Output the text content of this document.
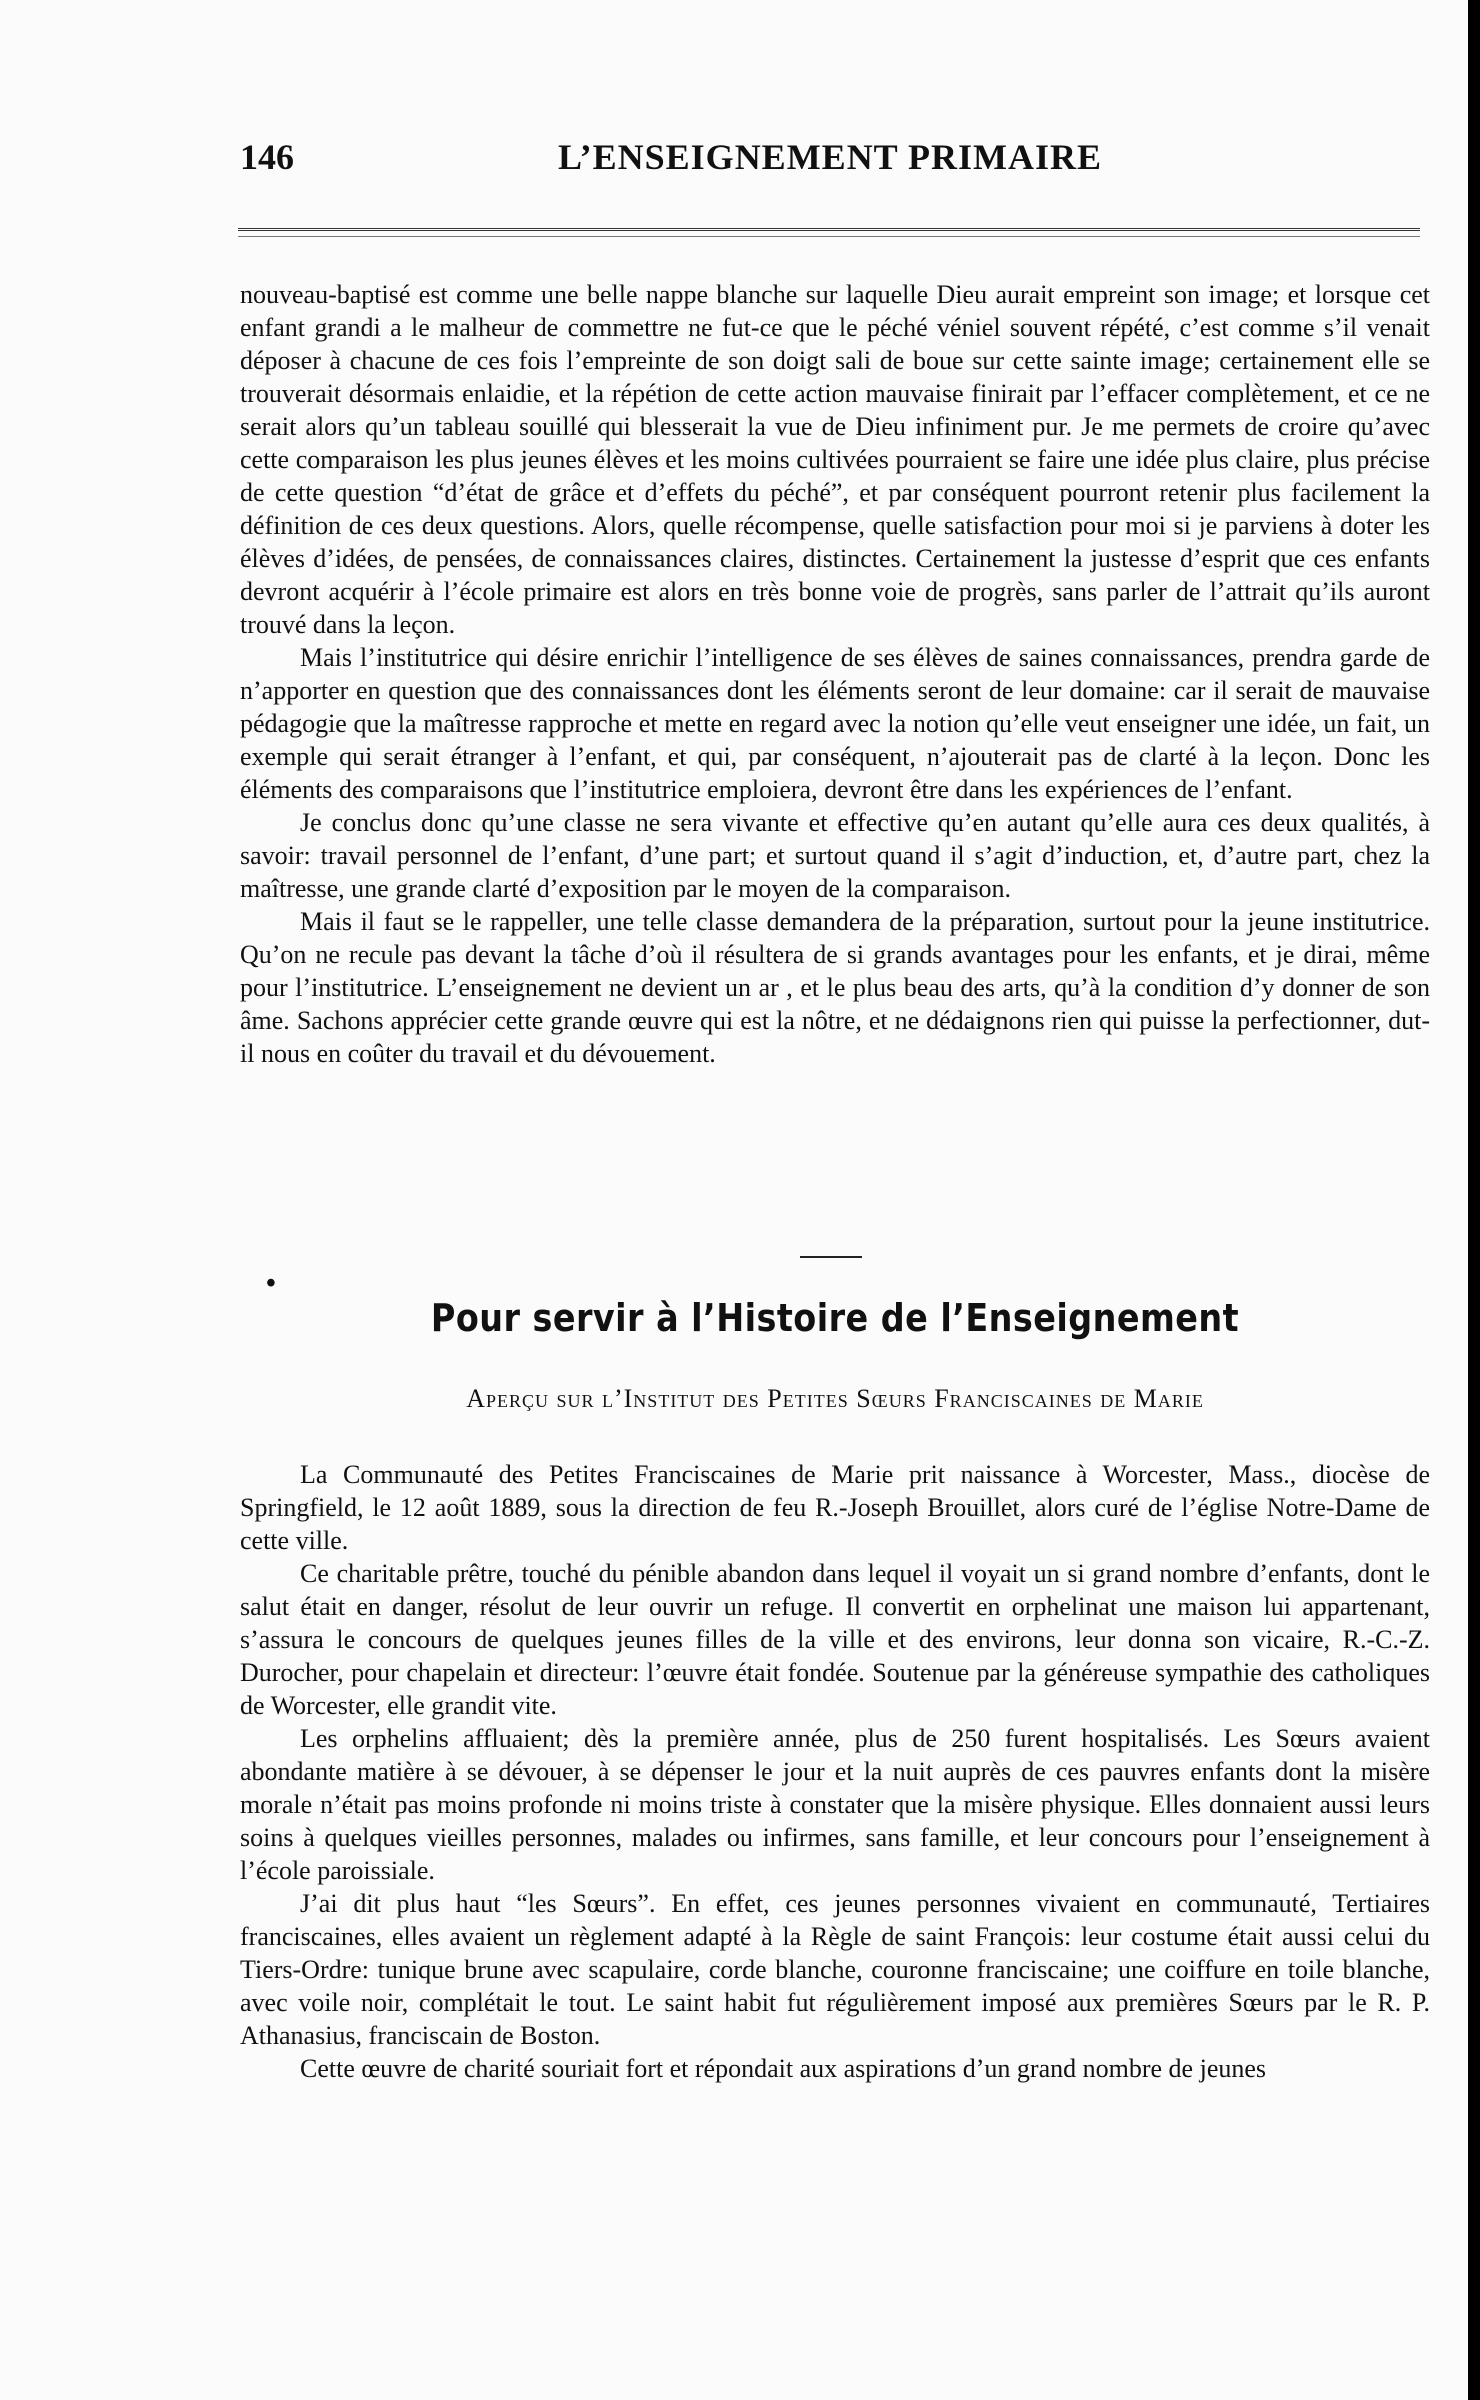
146	L’ENSEIGNEMENT PRIMAIRE

nouveau-baptisé est comme une belle nappe blanche sur laquelle Dieu aurait empreint son image; et lorsque cet enfant grandi a le malheur de commettre ne fut-ce que le péché véniel souvent répété, c’est comme s’il venait déposer à chacune de ces fois l’empreinte de son doigt sali de boue sur cette sainte image; certainement elle se trouverait désormais enlaidie, et la répétion de cette action mauvaise finirait par l’effacer complètement, et ce ne serait alors qu’un tableau souillé qui blesserait la vue de Dieu infiniment pur. Je me permets de croire qu’avec cette comparaison les plus jeunes élèves et les moins cultivées pourraient se faire une idée plus claire, plus précise de cette question “d’état de grâce et d’effets du péché”, et par conséquent pourront retenir plus facilement la définition de ces deux questions. Alors, quelle récompense, quelle satisfaction pour moi si je parviens à doter les élèves d’idées, de pensées, de connaissances claires, distinctes. Certainement la justesse d’esprit que ces enfants devront acquérir à l’école primaire est alors en très bonne voie de progrès, sans parler de l’attrait qu’ils auront trouvé dans la leçon.

Mais l’institutrice qui désire enrichir l’intelligence de ses élèves de saines connaissances, prendra garde de n’apporter en question que des connaissances dont les éléments seront de leur domaine: car il serait de mauvaise pédagogie que la maîtresse rapproche et mette en regard avec la notion qu’elle veut enseigner une idée, un fait, un exemple qui serait étranger à l’enfant, et qui, par conséquent, n’ajouterait pas de clarté à la leçon. Donc les éléments des comparaisons que l’institutrice emploiera, devront être dans les expériences de l’enfant.

Je conclus donc qu’une classe ne sera vivante et effective qu’en autant qu’elle aura ces deux qualités, à savoir: travail personnel de l’enfant, d’une part; et surtout quand il s’agit d’induction, et, d’autre part, chez la maîtresse, une grande clarté d’exposition par le moyen de la comparaison.

Mais il faut se le rappeller, une telle classe demandera de la préparation, surtout pour la jeune institutrice. Qu’on ne recule pas devant la tâche d’où il résultera de si grands avantages pour les enfants, et je dirai, même pour l’institutrice. L’enseignement ne devient un ar , et le plus beau des arts, qu’à la condition d’y donner de son âme. Sachons apprécier cette grande œuvre qui est la nôtre, et ne dédaignons rien qui puisse la perfectionner, dut-il nous en coûter du travail et du dévouement.

•
Pour servir à l’Histoire de l’Enseignement
Aperçu sur l’Institut des Petites Sœurs Franciscaines de Marie

La Communauté des Petites Franciscaines de Marie prit naissance à Worcester, Mass., diocèse de Springfield, le 12 août 1889, sous la direction de feu R.-Joseph Brouillet, alors curé de l’église Notre-Dame de cette ville.

Ce charitable prêtre, touché du pénible abandon dans lequel il voyait un si grand nombre d’enfants, dont le salut était en danger, résolut de leur ouvrir un refuge. Il convertit en orphelinat une maison lui appartenant, s’assura le concours de quelques jeunes filles de la ville et des environs, leur donna son vicaire, R.-C.-Z. Durocher, pour chapelain et directeur: l’œuvre était fondée. Soutenue par la généreuse sympathie des catholiques de Worcester, elle grandit vite.

Les orphelins affluaient; dès la première année, plus de 250 furent hospitalisés. Les Sœurs avaient abondante matière à se dévouer, à se dépenser le jour et la nuit auprès de ces pauvres enfants dont la misère morale n’était pas moins profonde ni moins triste à constater que la misère physique. Elles donnaient aussi leurs soins à quelques vieilles personnes, malades ou infirmes, sans famille, et leur concours pour l’enseignement à l’école paroissiale.

J’ai dit plus haut “les Sœurs”. En effet, ces jeunes personnes vivaient en communauté, Tertiaires franciscaines, elles avaient un règlement adapté à la Règle de saint François: leur costume était aussi celui du Tiers-Ordre: tunique brune avec scapulaire, corde blanche, couronne franciscaine; une coiffure en toile blanche, avec voile noir, complétait le tout. Le saint habit fut régulièrement imposé aux premières Sœurs par le R. P. Athanasius, franciscain de Boston.

Cette œuvre de charité souriait fort et répondait aux aspirations d’un grand nombre de jeunes
